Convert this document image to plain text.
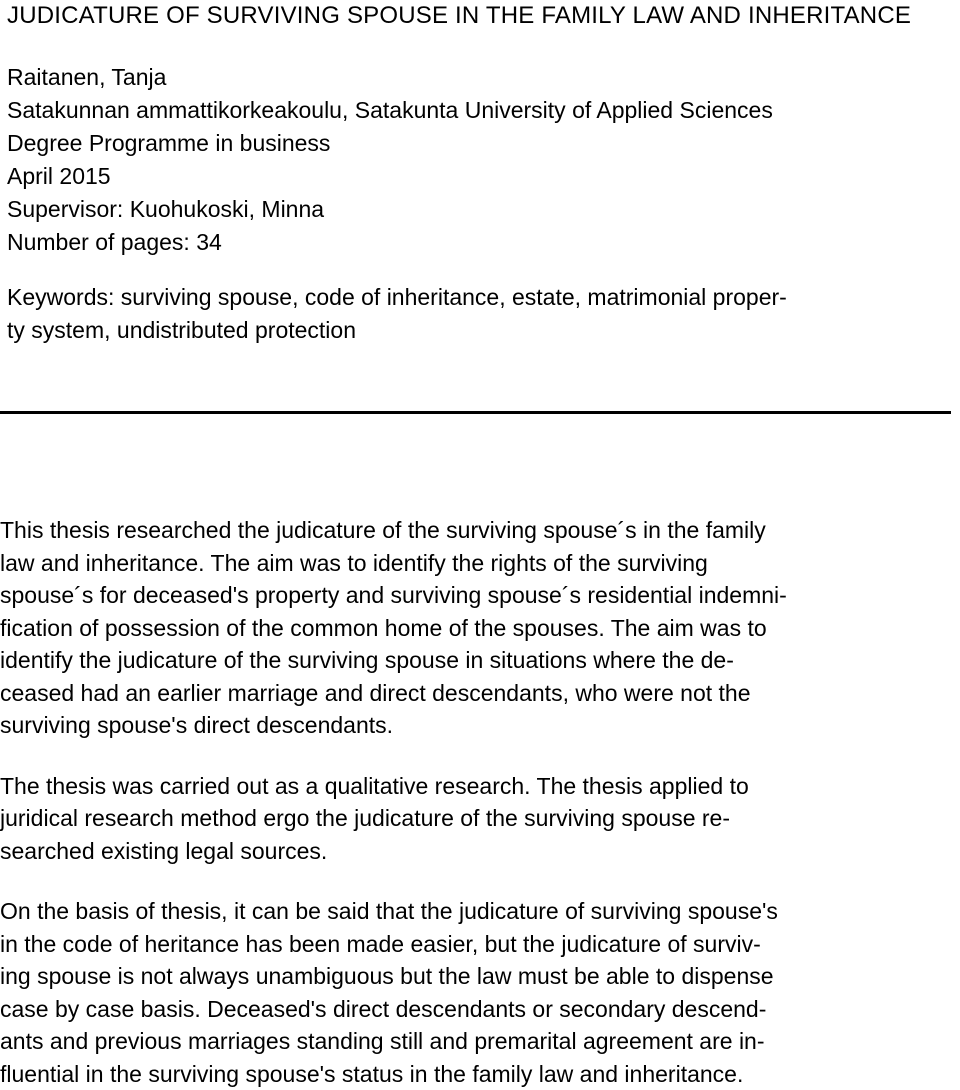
JUDICATURE OF SURVIVING SPOUSE IN THE FAMILY LAW AND INHERITANCE
Raitanen, Tanja
Satakunnan ammattikorkeakoulu, Satakunta University of Applied Sciences
Degree Programme in business
April 2015
Supervisor: Kuohukoski, Minna
Number of pages: 34
Keywords: surviving spouse, code of inheritance, estate, matrimonial proper-
ty system, undistributed protection

This thesis researched the judicature of the surviving spouse´s in the family
law and inheritance. The aim was to identify the rights of the surviving
spouse´s for deceased's property and surviving spouse´s residential indemni-
fication of possession of the common home of the spouses. The aim was to
identify the judicature of the surviving spouse in situations where the de-
ceased had an earlier marriage and direct descendants, who were not the
surviving spouse's direct descendants.

The thesis was carried out as a qualitative research. The thesis applied to
juridical research method ergo the judicature of the surviving spouse re-
searched existing legal sources.

On the basis of thesis, it can be said that the judicature of surviving spouse's
in the code of heritance has been made easier, but the judicature of surviv-
ing spouse is not always unambiguous but the law must be able to dispense
case by case basis. Deceased's direct descendants or secondary descend-
ants and previous marriages standing still and premarital agreement are in-
fluential in the surviving spouse's status in the family law and inheritance.
